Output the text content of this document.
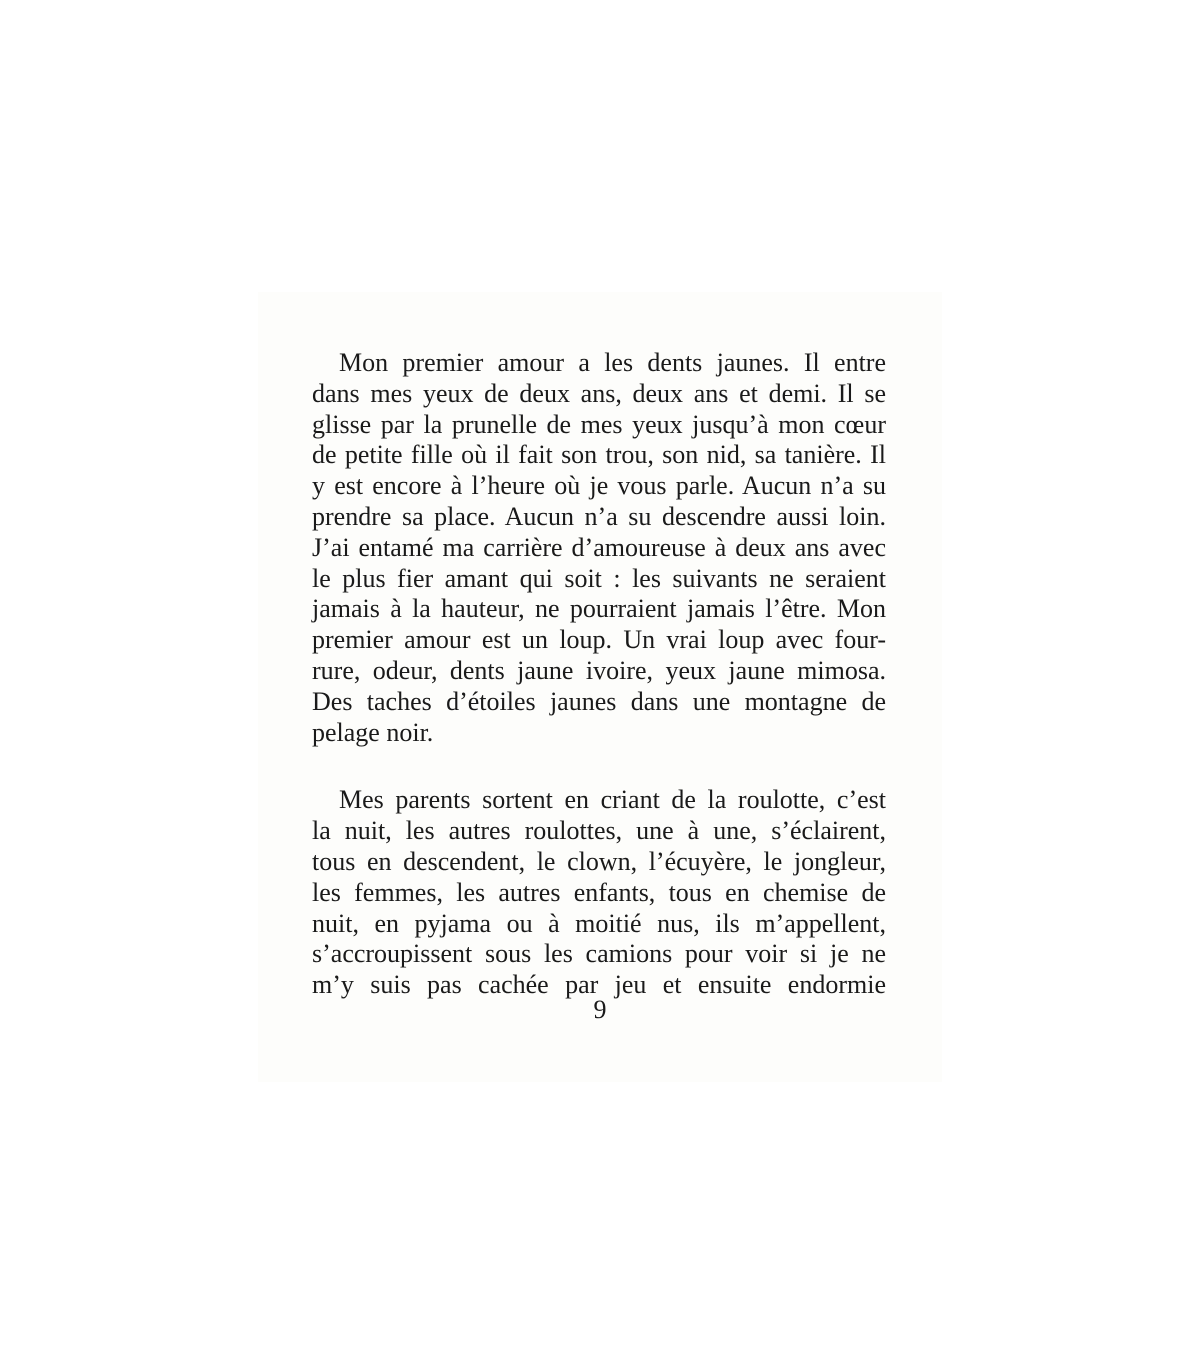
Mon premier amour a les dents jaunes. Il entre
dans mes yeux de deux ans, deux ans et demi. Il se
glisse par la prunelle de mes yeux jusqu’à mon cœur
de petite fille où il fait son trou, son nid, sa tanière. Il
y est encore à l’heure où je vous parle. Aucun n’a su
prendre sa place. Aucun n’a su descendre aussi loin.
J’ai entamé ma carrière d’amoureuse à deux ans avec
le plus fier amant qui soit : les suivants ne seraient
jamais à la hauteur, ne pourraient jamais l’être. Mon
premier amour est un loup. Un vrai loup avec four-
rure, odeur, dents jaune ivoire, yeux jaune mimosa.
Des taches d’étoiles jaunes dans une montagne de
pelage noir.
Mes parents sortent en criant de la roulotte, c’est
la nuit, les autres roulottes, une à une, s’éclairent,
tous en descendent, le clown, l’écuyère, le jongleur,
les femmes, les autres enfants, tous en chemise de
nuit, en pyjama ou à moitié nus, ils m’appellent,
s’accroupissent sous les camions pour voir si je ne
m’y suis pas cachée par jeu et ensuite endormie
9
